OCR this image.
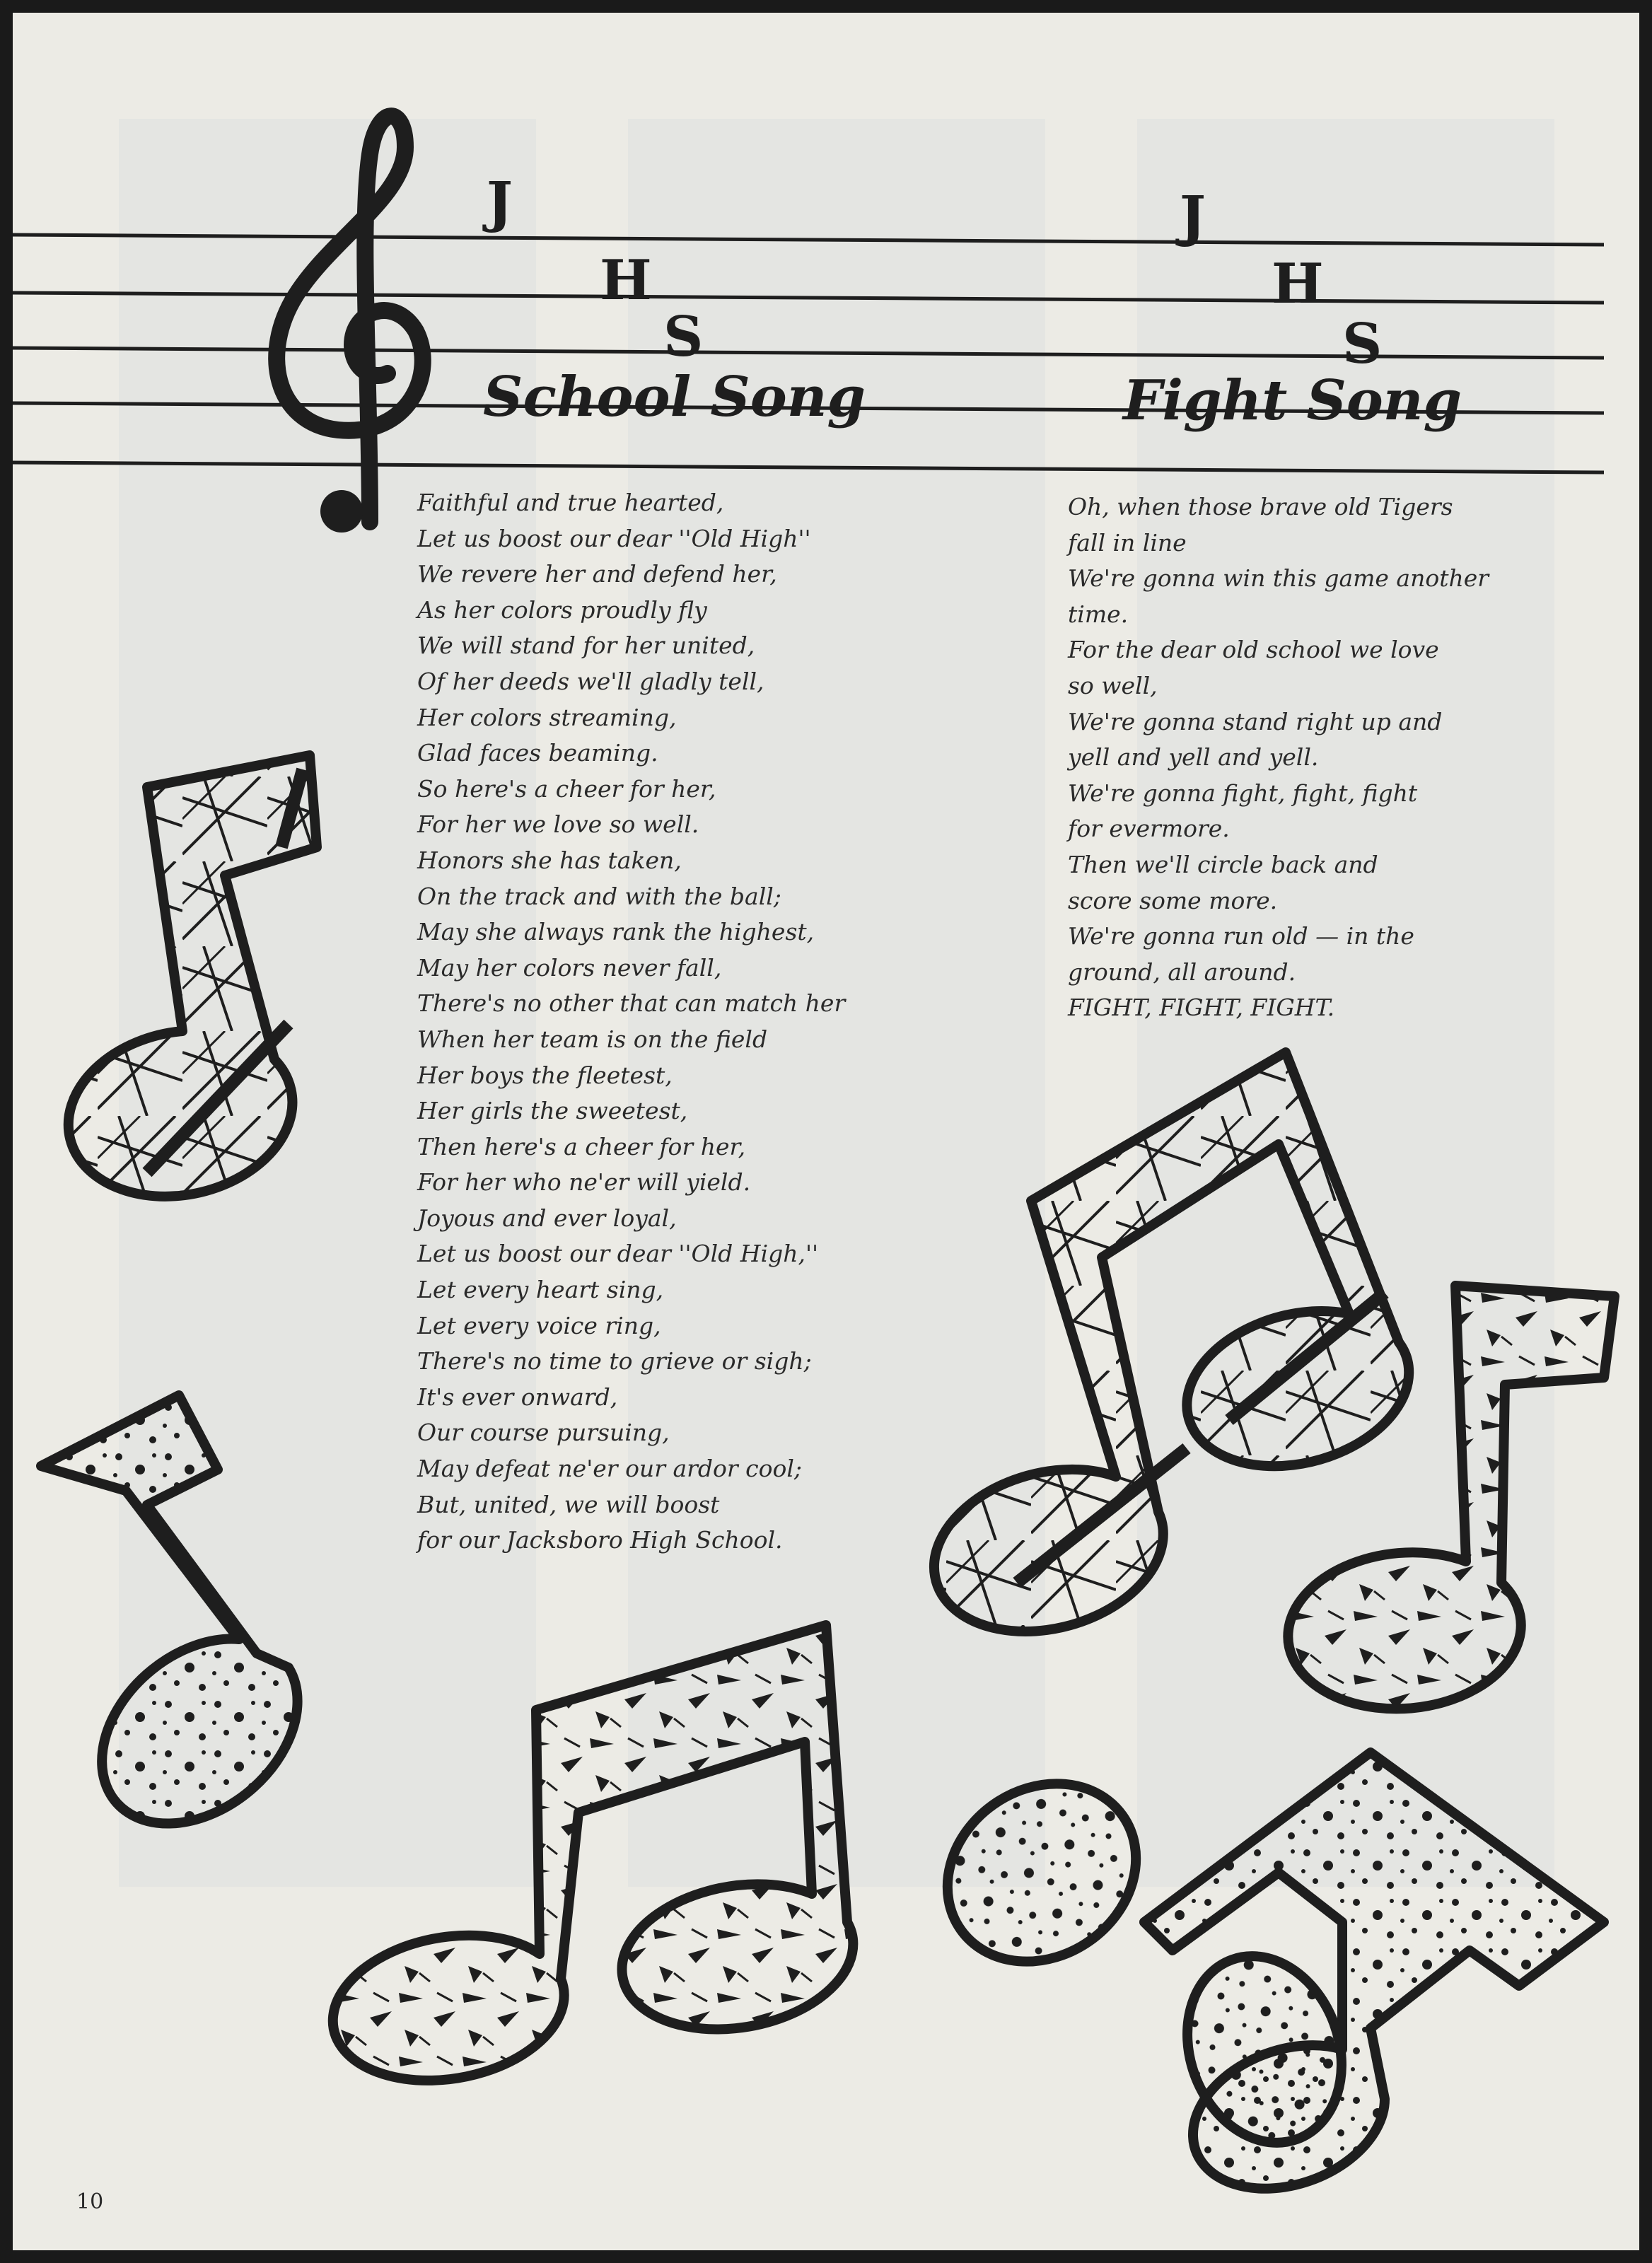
J
H
S
School Song
J
H
S
Fight Song
Faithful and true hearted,
Let us boost our dear ''Old High''
We revere her and defend her,
As her colors proudly fly
We will stand for her united,
Of her deeds we'll gladly tell,
Her colors streaming,
Glad faces beaming.
So here's a cheer for her,
For her we love so well.
Honors she has taken,
On the track and with the ball;
May she always rank the highest,
May her colors never fall,
There's no other that can match her
When her team is on the field
Her boys the fleetest,
Her girls the sweetest,
Then here's a cheer for her,
For her who ne'er will yield.
Joyous and ever loyal,
Let us boost our dear ''Old High,''
Let every heart sing,
Let every voice ring,
There's no time to grieve or sigh;
It's ever onward,
Our course pursuing,
May defeat ne'er our ardor cool;
But, united, we will boost
for our Jacksboro High School.
Oh, when those brave old Tigers
fall in line
We're gonna win this game another
time.
For the dear old school we love
so well,
We're gonna stand right up and
yell and yell and yell.
We're gonna fight, fight, fight
for evermore.
Then we'll circle back and
score some more.
We're gonna run old — in the
ground, all around.
FIGHT, FIGHT, FIGHT.
10
